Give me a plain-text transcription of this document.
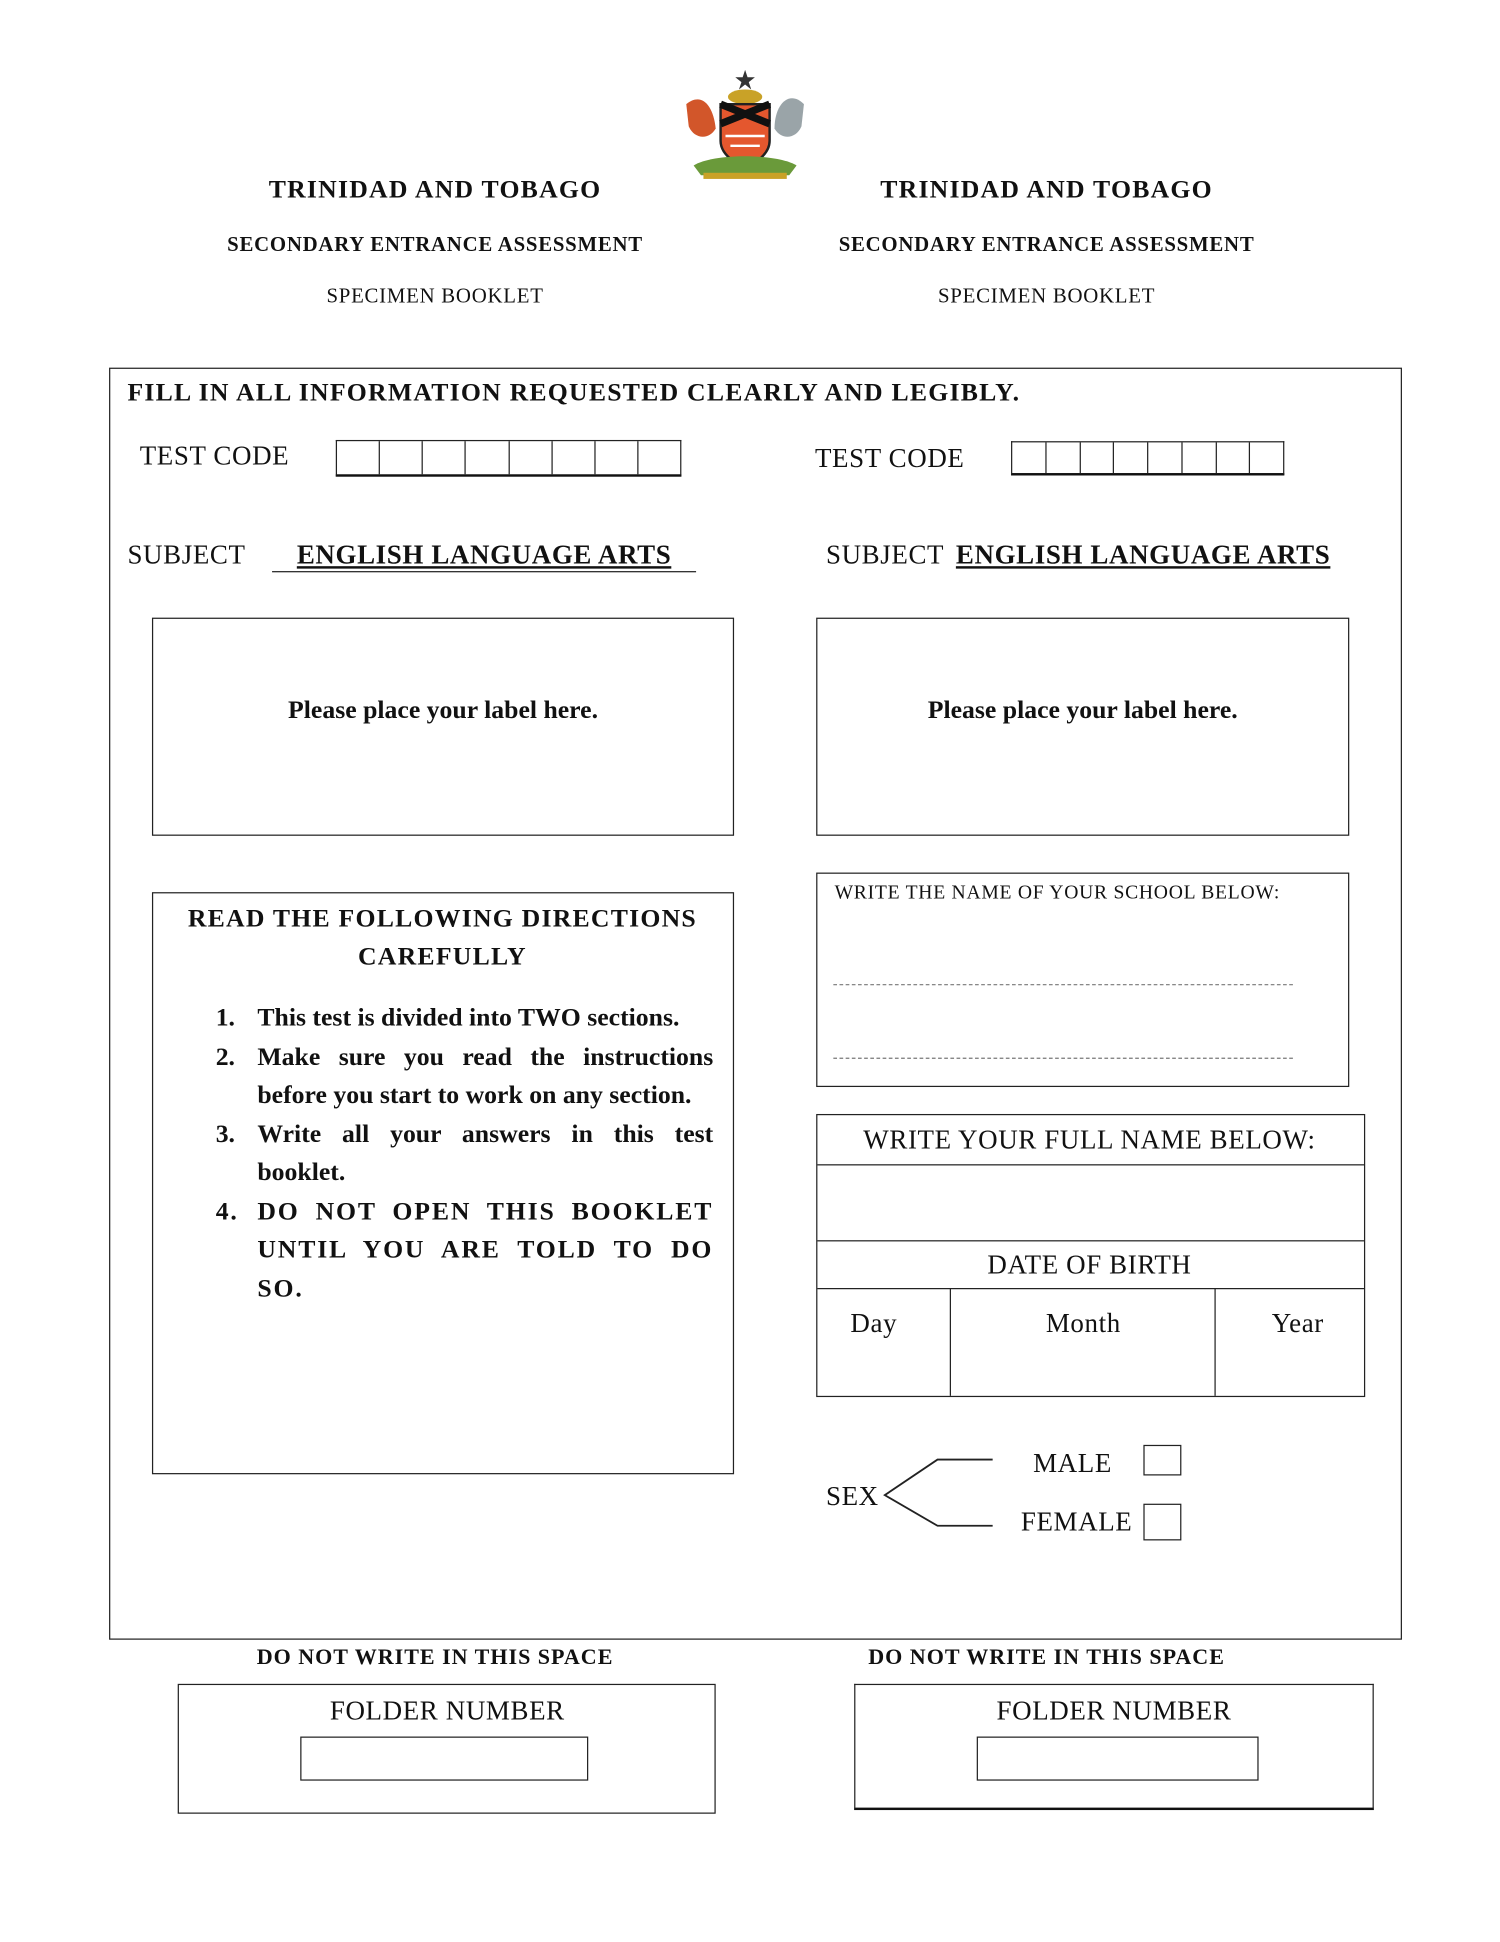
TRINIDAD AND TOBAGO
SECONDARY ENTRANCE ASSESSMENT
SPECIMEN BOOKLET
TRINIDAD AND TOBAGO
SECONDARY ENTRANCE ASSESSMENT
SPECIMEN BOOKLET
FILL IN ALL INFORMATION REQUESTED CLEARLY AND LEGIBLY.
TEST CODE	TEST CODE
SUBJECT	ENGLISH LANGUAGE ARTS	SUBJECT ENGLISH LANGUAGE ARTS
Please place your label here.	Please place your label here.
READ THE FOLLOWING DIRECTIONS
CAREFULLY
1.	This test is divided into TWO sections.
2.	Make sure you read the instructions before you start to work on any section.
3.	Write all your answers in this test booklet.
4. DO NOT OPEN THIS BOOKLET UNTIL YOU ARE TOLD TO DO SO.
WRITE THE NAME OF YOUR SCHOOL BELOW:
WRITE YOUR FULL NAME BELOW:
DATE OF BIRTH
Day	Month	Year
SEX
MALE
FEMALE
DO NOT WRITE IN THIS SPACE	DO NOT WRITE IN THIS SPACE
FOLDER NUMBER	FOLDER NUMBER
